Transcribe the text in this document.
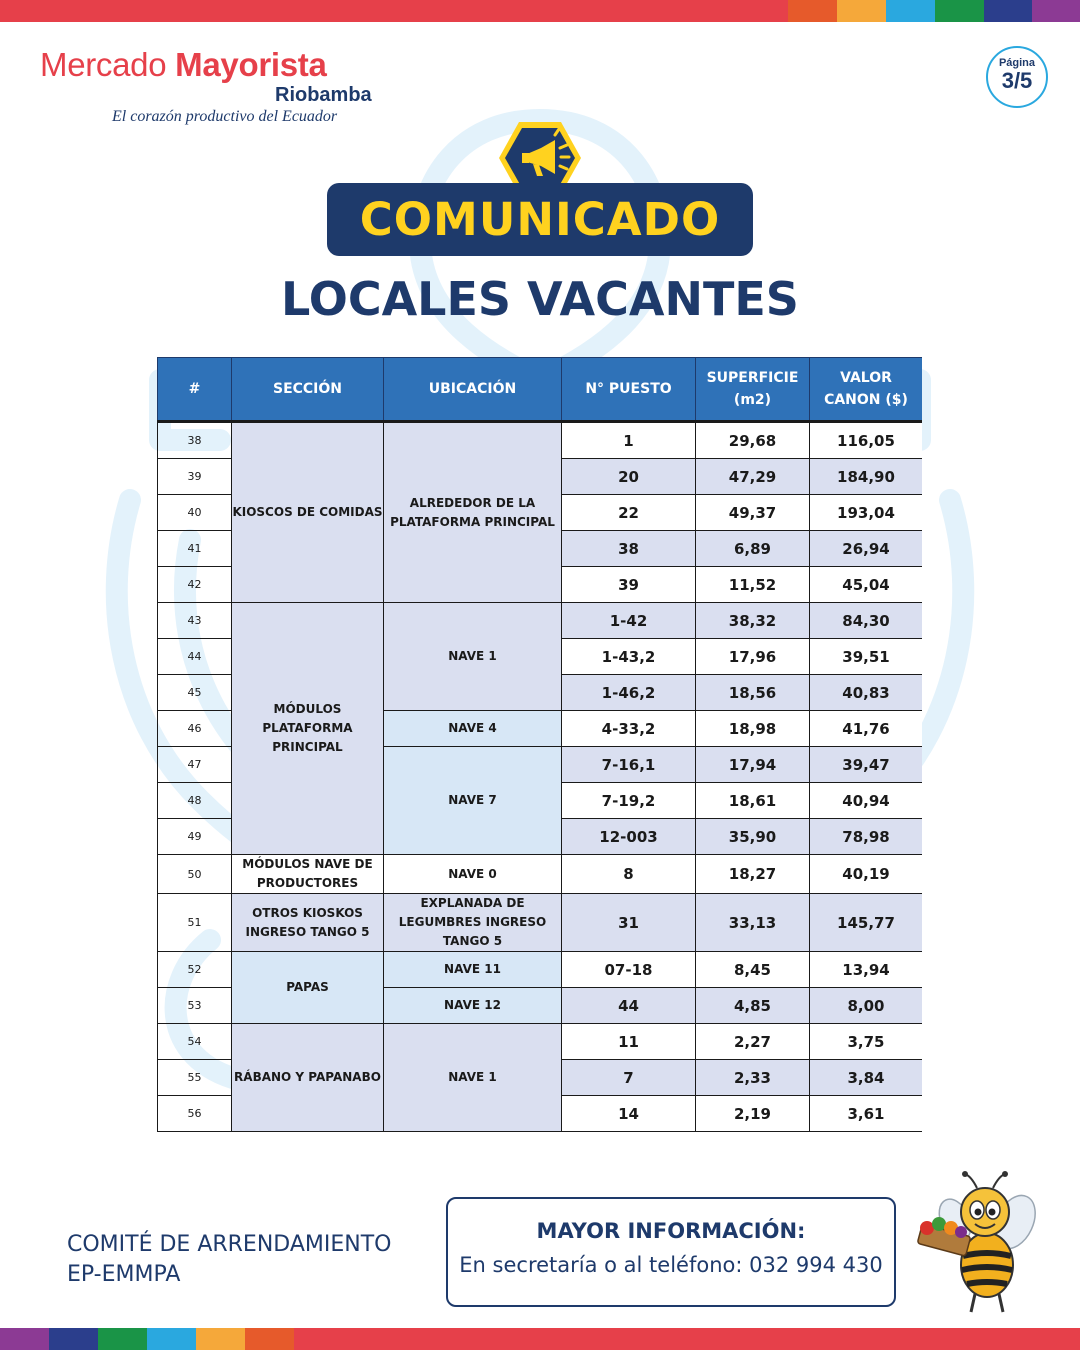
Mercado Mayorista
Riobamba
El corazón productivo del Ecuador
Página
3/5
COMUNICADO
LOCALES VACANTES
#	SECCIÓN	UBICACIÓN	N° PUESTO	SUPERFICIE (m2)	VALOR CANON ($)
38	KIOSCOS DE COMIDAS	ALREDEDOR DE LA PLATAFORMA PRINCIPAL	1	29,68	116,05
39			20	47,29	184,90
40			22	49,37	193,04
41			38	6,89	26,94
42			39	11,52	45,04
43	MÓDULOS PLATAFORMA PRINCIPAL	NAVE 1	1-42	38,32	84,30
44			1-43,2	17,96	39,51
45			1-46,2	18,56	40,83
46		NAVE 4	4-33,2	18,98	41,76
47		NAVE 7	7-16,1	17,94	39,47
48			7-19,2	18,61	40,94
49			12-003	35,90	78,98
50	MÓDULOS NAVE DE PRODUCTORES	NAVE 0	8	18,27	40,19
51	OTROS KIOSKOS INGRESO TANGO 5	EXPLANADA DE LEGUMBRES INGRESO TANGO 5	31	33,13	145,77
52	PAPAS	NAVE 11	07-18	8,45	13,94
53		NAVE 12	44	4,85	8,00
54	RÁBANO Y PAPANABO	NAVE 1	11	2,27	3,75
55			7	2,33	3,84
56			14	2,19	3,61
COMITÉ DE ARRENDAMIENTO
EP-EMMPA
MAYOR INFORMACIÓN:
En secretaría o al teléfono: 032 994 430
